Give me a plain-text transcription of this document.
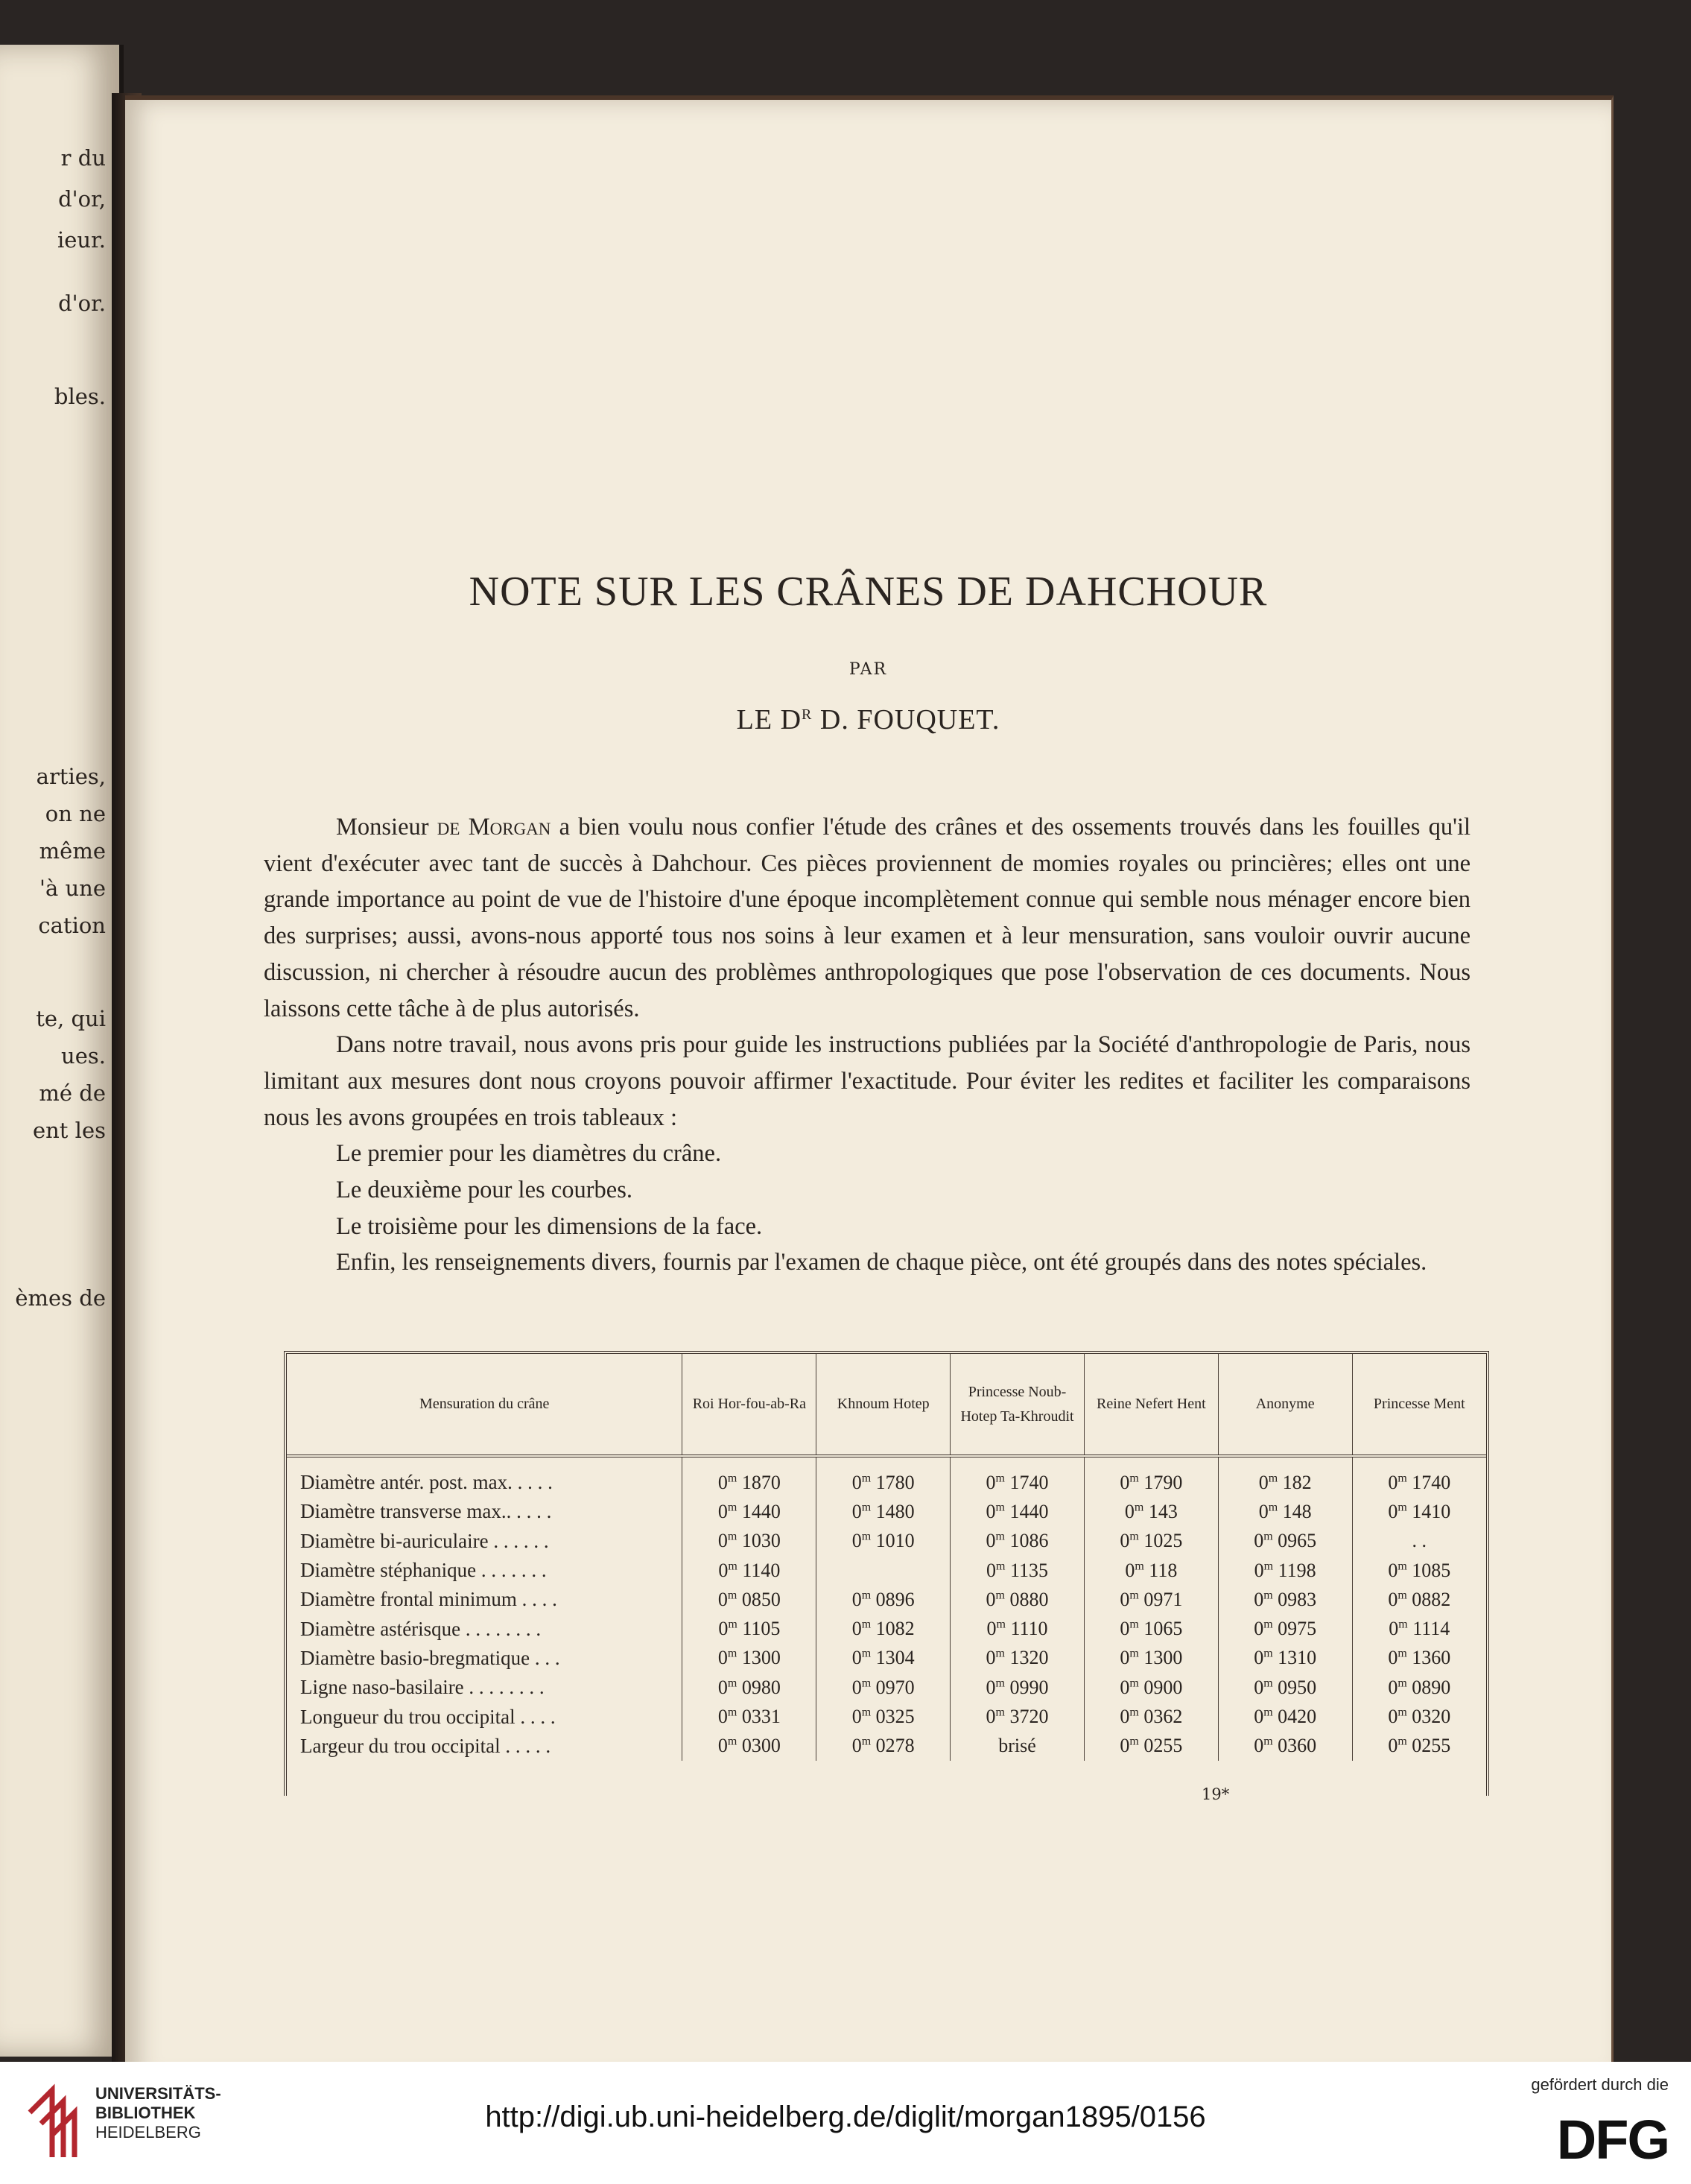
r du
d'or,
ieur.
d'or.
bles.
arties,
on ne
même
'à une
cation
te, qui
ues.
mé de
ent les
èmes de
NOTE SUR LES CRÂNES DE DAHCHOUR
PAR
LE $D^R$ D. FOUQUET.

Monsieur de Morgan a bien voulu nous confier l'étude des crânes et des ossements trouvés dans les fouilles qu'il vient d'exécuter avec tant de succès à Dahchour. Ces pièces proviennent de momies royales ou princières; elles ont une grande importance au point de vue de l'histoire d'une époque incomplètement connue qui semble nous ménager encore bien des surprises; aussi, avons-nous apporté tous nos soins à leur examen et à leur mensuration, sans vouloir ouvrir aucune discussion, ni chercher à résoudre aucun des problèmes anthropologiques que pose l'observation de ces documents. Nous laissons cette tâche à de plus autorisés.

Dans notre travail, nous avons pris pour guide les instructions publiées par la Société d'anthropologie de Paris, nous limitant aux mesures dont nous croyons pouvoir affirmer l'exactitude. Pour éviter les redites et faciliter les comparaisons nous les avons groupées en trois tableaux :

Le premier pour les diamètres du crâne.

Le deuxième pour les courbes.

Le troisième pour les dimensions de la face.

Enfin, les renseignements divers, fournis par l'examen de chaque pièce, ont été groupés dans des notes spéciales.

Mensuration du crâne	Roi Hor-fou-ab-Ra	Khnoum Hotep	Princesse Noub-Hotep Ta-Khroudit	Reine Nefert Hent	Anonyme	Princesse Ment
Diamètre antér. post. max. . . . .	0$^m$ 1870	0$^m$ 1780	0$^m$ 1740	0$^m$ 1790	0$^m$ 182	0$^m$ 1740
Diamètre transverse max.. . . . .	0$^m$ 1440	0$^m$ 1480	0$^m$ 1440	0$^m$ 143	0$^m$ 148	0$^m$ 1410
Diamètre bi-auriculaire . . . . . .	0$^m$ 1030	0$^m$ 1010	0$^m$ 1086	0$^m$ 1025	0$^m$ 0965	. .
Diamètre stéphanique . . . . . . .	0$^m$ 1140		0$^m$ 1135	0$^m$ 118	0$^m$ 1198	0$^m$ 1085
Diamètre frontal minimum . . . .	0$^m$ 0850	0$^m$ 0896	0$^m$ 0880	0$^m$ 0971	0$^m$ 0983	0$^m$ 0882
Diamètre astérisque . . . . . . . .	0$^m$ 1105	0$^m$ 1082	0$^m$ 1110	0$^m$ 1065	0$^m$ 0975	0$^m$ 1114
Diamètre basio-bregmatique . . .	0$^m$ 1300	0$^m$ 1304	0$^m$ 1320	0$^m$ 1300	0$^m$ 1310	0$^m$ 1360
Ligne naso-basilaire . . . . . . . .	0$^m$ 0980	0$^m$ 0970	0$^m$ 0990	0$^m$ 0900	0$^m$ 0950	0$^m$ 0890
Longueur du trou occipital . . . .	0$^m$ 0331	0$^m$ 0325	0$^m$ 3720	0$^m$ 0362	0$^m$ 0420	0$^m$ 0320
Largeur du trou occipital . . . . .	0$^m$ 0300	0$^m$ 0278	brisé	0$^m$ 0255	0$^m$ 0360	0$^m$ 0255
19*
UNIVERSITÄTS-
BIBLIOTHEK
HEIDELBERG	http://digi.ub.uni-heidelberg.de/diglit/morgan1895/0156
gefördert durch die
DFG
